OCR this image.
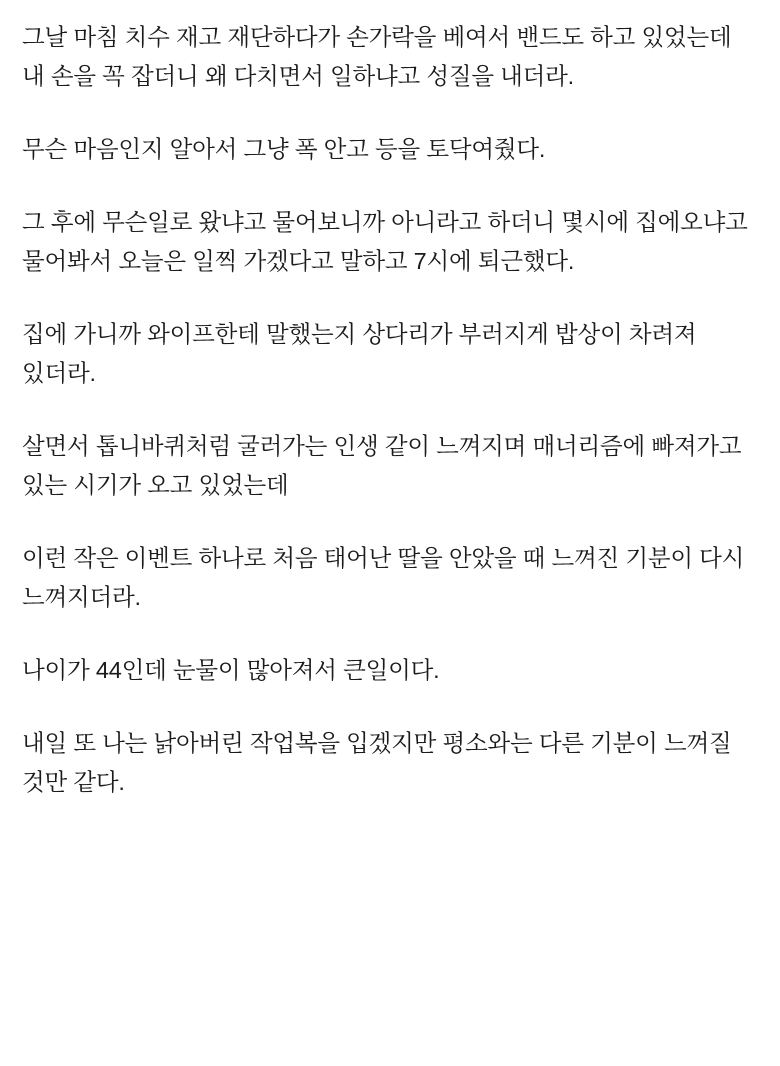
그날 마침 치수 재고 재단하다가 손가락을 베여서 밴드도 하고 있었는데 내 손을 꼭 잡더니 왜 다치면서 일하냐고 성질을 내더라.

무슨 마음인지 알아서 그냥 폭 안고 등을 토닥여줬다.

그 후에 무슨일로 왔냐고 물어보니까 아니라고 하더니 몇시에 집에오냐고 물어봐서 오늘은 일찍 가겠다고 말하고 7시에 퇴근했다.

집에 가니까 와이프한테 말했는지 상다리가 부러지게 밥상이 차려져 있더라.

살면서 톱니바퀴처럼 굴러가는 인생 같이 느껴지며 매너리즘에 빠져가고 있는 시기가 오고 있었는데

이런 작은 이벤트 하나로 처음 태어난 딸을 안았을 때 느껴진 기분이 다시 느껴지더라.

나이가 44인데 눈물이 많아져서 큰일이다.

내일 또 나는 낡아버린 작업복을 입겠지만 평소와는 다른 기분이 느껴질 것만 같다.
